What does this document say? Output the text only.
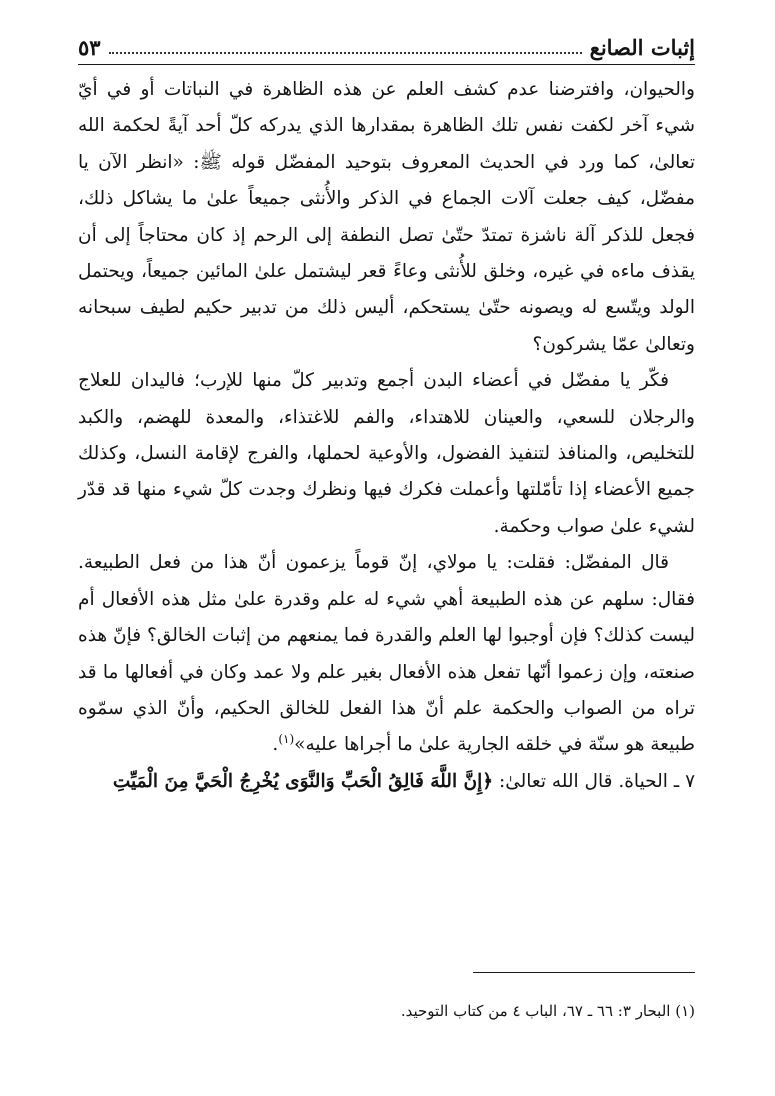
إثبات الصانع
٥٣

والحيوان، وافترضنا عدم كشف العلم عن هذه الظاهرة في النباتات أو في أيّ شيء آخر لكفت نفس تلك الظاهرة بمقدارها الذي يدركه كلّ أحد آيةً لحكمة الله تعالىٰ، كما ورد في الحديث المعروف بتوحيد المفضّل قوله ﷺ: «انظر الآن يا مفضّل، كيف جعلت آلات الجماع في الذكر والأُنثى جميعاً علىٰ ما يشاكل ذلك، فجعل للذكر آلة ناشزة تمتدّ حتّىٰ تصل النطفة إلى الرحم إذ كان محتاجاً إلى أن يقذف ماءه في غيره، وخلق للأُنثى وعاءً قعر ليشتمل علىٰ المائين جميعاً، ويحتمل الولد ويتّسع له ويصونه حتّىٰ يستحكم، أليس ذلك من تدبير حكيم لطيف سبحانه وتعالىٰ عمّا يشركون؟

فكّر يا مفضّل في أعضاء البدن أجمع وتدبير كلّ منها للإرب؛ فاليدان للعلاج والرجلان للسعي، والعينان للاهتداء، والفم للاغتذاء، والمعدة للهضم، والكبد للتخليص، والمنافذ لتنفيذ الفضول، والأوعية لحملها، والفرج لإقامة النسل، وكذلك جميع الأعضاء إذا تأمّلتها وأعملت فكرك فيها ونظرك وجدت كلّ شيء منها قد قدّر لشيء علىٰ صواب وحكمة.

قال المفضّل: فقلت: يا مولاي، إنّ قوماً يزعمون أنّ هذا من فعل الطبيعة. فقال: سلهم عن هذه الطبيعة أهي شيء له علم وقدرة علىٰ مثل هذه الأفعال أم ليست كذلك؟ فإن أوجبوا لها العلم والقدرة فما يمنعهم من إثبات الخالق؟ فإنّ هذه صنعته، وإن زعموا أنّها تفعل هذه الأفعال بغير علم ولا عمد وكان في أفعالها ما قد تراه من الصواب والحكمة علم أنّ هذا الفعل للخالق الحكيم، وأنّ الذي سمّوه طبيعة هو سنّة في خلقه الجارية علىٰ ما أجراها عليه»$^{(١)}$.

٧ ـ الحياة. قال الله تعالىٰ: ﴿إِنَّ اللَّهَ فَالِقُ الْحَبِّ وَالنَّوَى يُخْرِجُ الْحَيَّ مِنَ الْمَيِّتِ

(١) البحار ٣: ٦٦ ـ ٦٧، الباب ٤ من كتاب التوحيد.
